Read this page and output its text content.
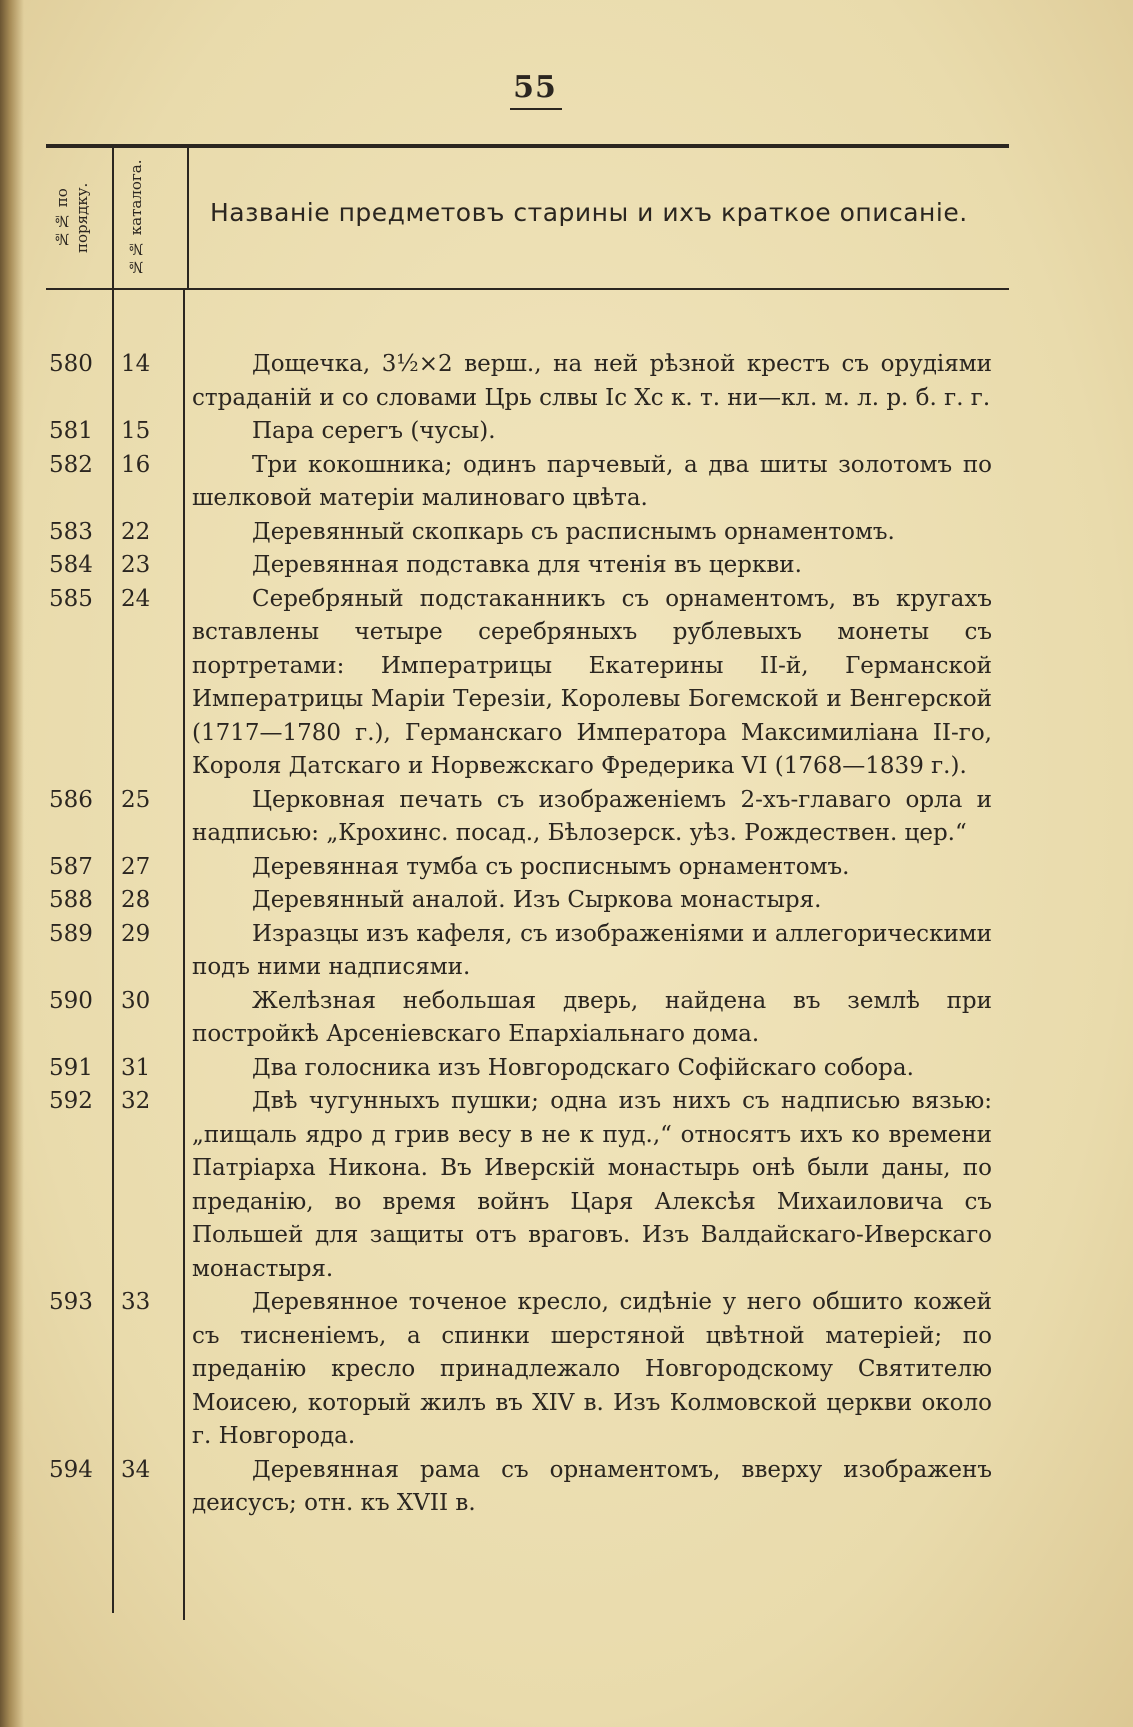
55
№№ по порядку.	№№ каталога.	Названіе предметовъ старины и ихъ краткое описаніе.
580	14	Дощечка, 3½×2 верш., на ней рѣзной крестъ съ орудіями страданій и со словами Црь слвы Іс Хс к. т. ни—кл. м. л. р. б. г. г.
581	15	Пара серегъ (чусы).
582	16	Три кокошника; одинъ парчевый, а два шиты золотомъ по шелковой матеріи малиноваго цвѣта.
583	22	Деревянный скопкарь съ расписнымъ орнаментомъ.
584	23	Деревянная подставка для чтенія въ церкви.
585	24	Серебряный подстаканникъ съ орнаментомъ, въ кругахъ вставлены четыре серебряныхъ рублевыхъ монеты съ портретами: Императрицы Екатерины II-й, Германской Императрицы Маріи Терезіи, Королевы Богемской и Венгерской (1717—1780 г.), Германскаго Императора Максимиліана II-го, Короля Датскаго и Норвежскаго Фредерика VI (1768—1839 г.).
586	25	Церковная печать съ изображеніемъ 2-хъ-главаго орла и надписью: „Крохинс. посад., Бѣлозерск. уѣз. Рождествен. цер.“
587	27	Деревянная тумба съ росписнымъ орнаментомъ.
588	28	Деревянный аналой. Изъ Сыркова монастыря.
589	29	Изразцы изъ кафеля, съ изображеніями и аллегорическими подъ ними надписями.
590	30	Желѣзная небольшая дверь, найдена въ землѣ при постройкѣ Арсеніевскаго Епархіальнаго дома.
591	31	Два голосника изъ Новгородскаго Софійскаго собора.
592	32	Двѣ чугунныхъ пушки; одна изъ нихъ съ надписью вязью: „пищаль ядро д грив весу в не к пуд.,“ относятъ ихъ ко времени Патріарха Никона. Въ Иверскій монастырь онѣ были даны, по преданію, во время войнъ Царя Алексѣя Михаиловича съ Польшей для защиты отъ враговъ. Изъ Валдайскаго-Иверскаго монастыря.
593	33	Деревянное точеное кресло, сидѣніе у него обшито кожей съ тисненіемъ, а спинки шерстяной цвѣтной матеріей; по преданію кресло принадлежало Новгородскому Святителю Моисею, который жилъ въ XIV в. Изъ Колмовской церкви около г. Новгорода.
594	34	Деревянная рама съ орнаментомъ, вверху изображенъ деисусъ; отн. къ XVII в.
